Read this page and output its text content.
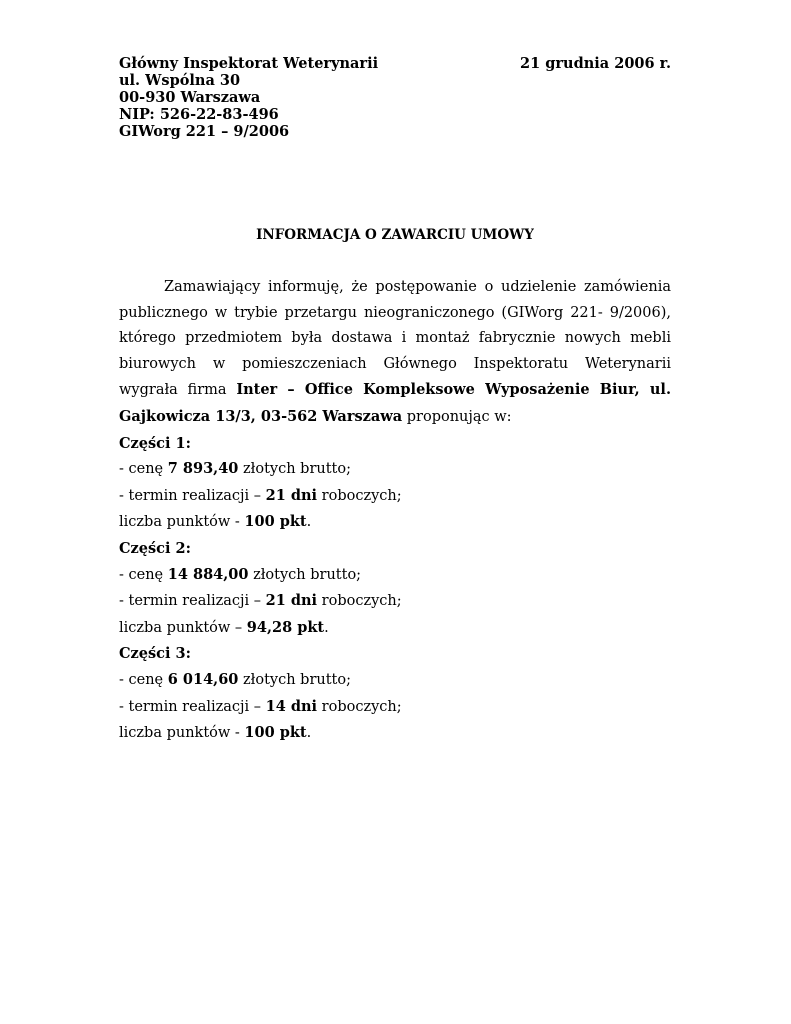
Główny Inspektorat Weterynarii
ul. Wspólna 30
00-930 Warszawa
NIP: 526-22-83-496
GIWorg 221 – 9/2006
21 grudnia 2006 r.
INFORMACJA O ZAWARCIU UMOWY

Zamawiający informuję, że postępowanie o udzielenie zamówienia publicznego w trybie przetargu nieograniczonego (GIWorg 221- 9/2006), którego przedmiotem była dostawa i montaż fabrycznie nowych mebli biurowych w pomieszczeniach Głównego Inspektoratu Weterynarii wygrała firma Inter – Office Kompleksowe Wyposażenie Biur, ul. Gajkowicza 13/3, 03-562 Warszawa proponując w:

Części 1:
- cenę 7 893,40 złotych brutto;
- termin realizacji – 21 dni roboczych;
liczba punktów - 100 pkt.
Części 2:
- cenę 14 884,00 złotych brutto;
- termin realizacji – 21 dni roboczych;
liczba punktów – 94,28 pkt.
Części 3:
- cenę 6 014,60 złotych brutto;
- termin realizacji – 14 dni roboczych;
liczba punktów - 100 pkt.
